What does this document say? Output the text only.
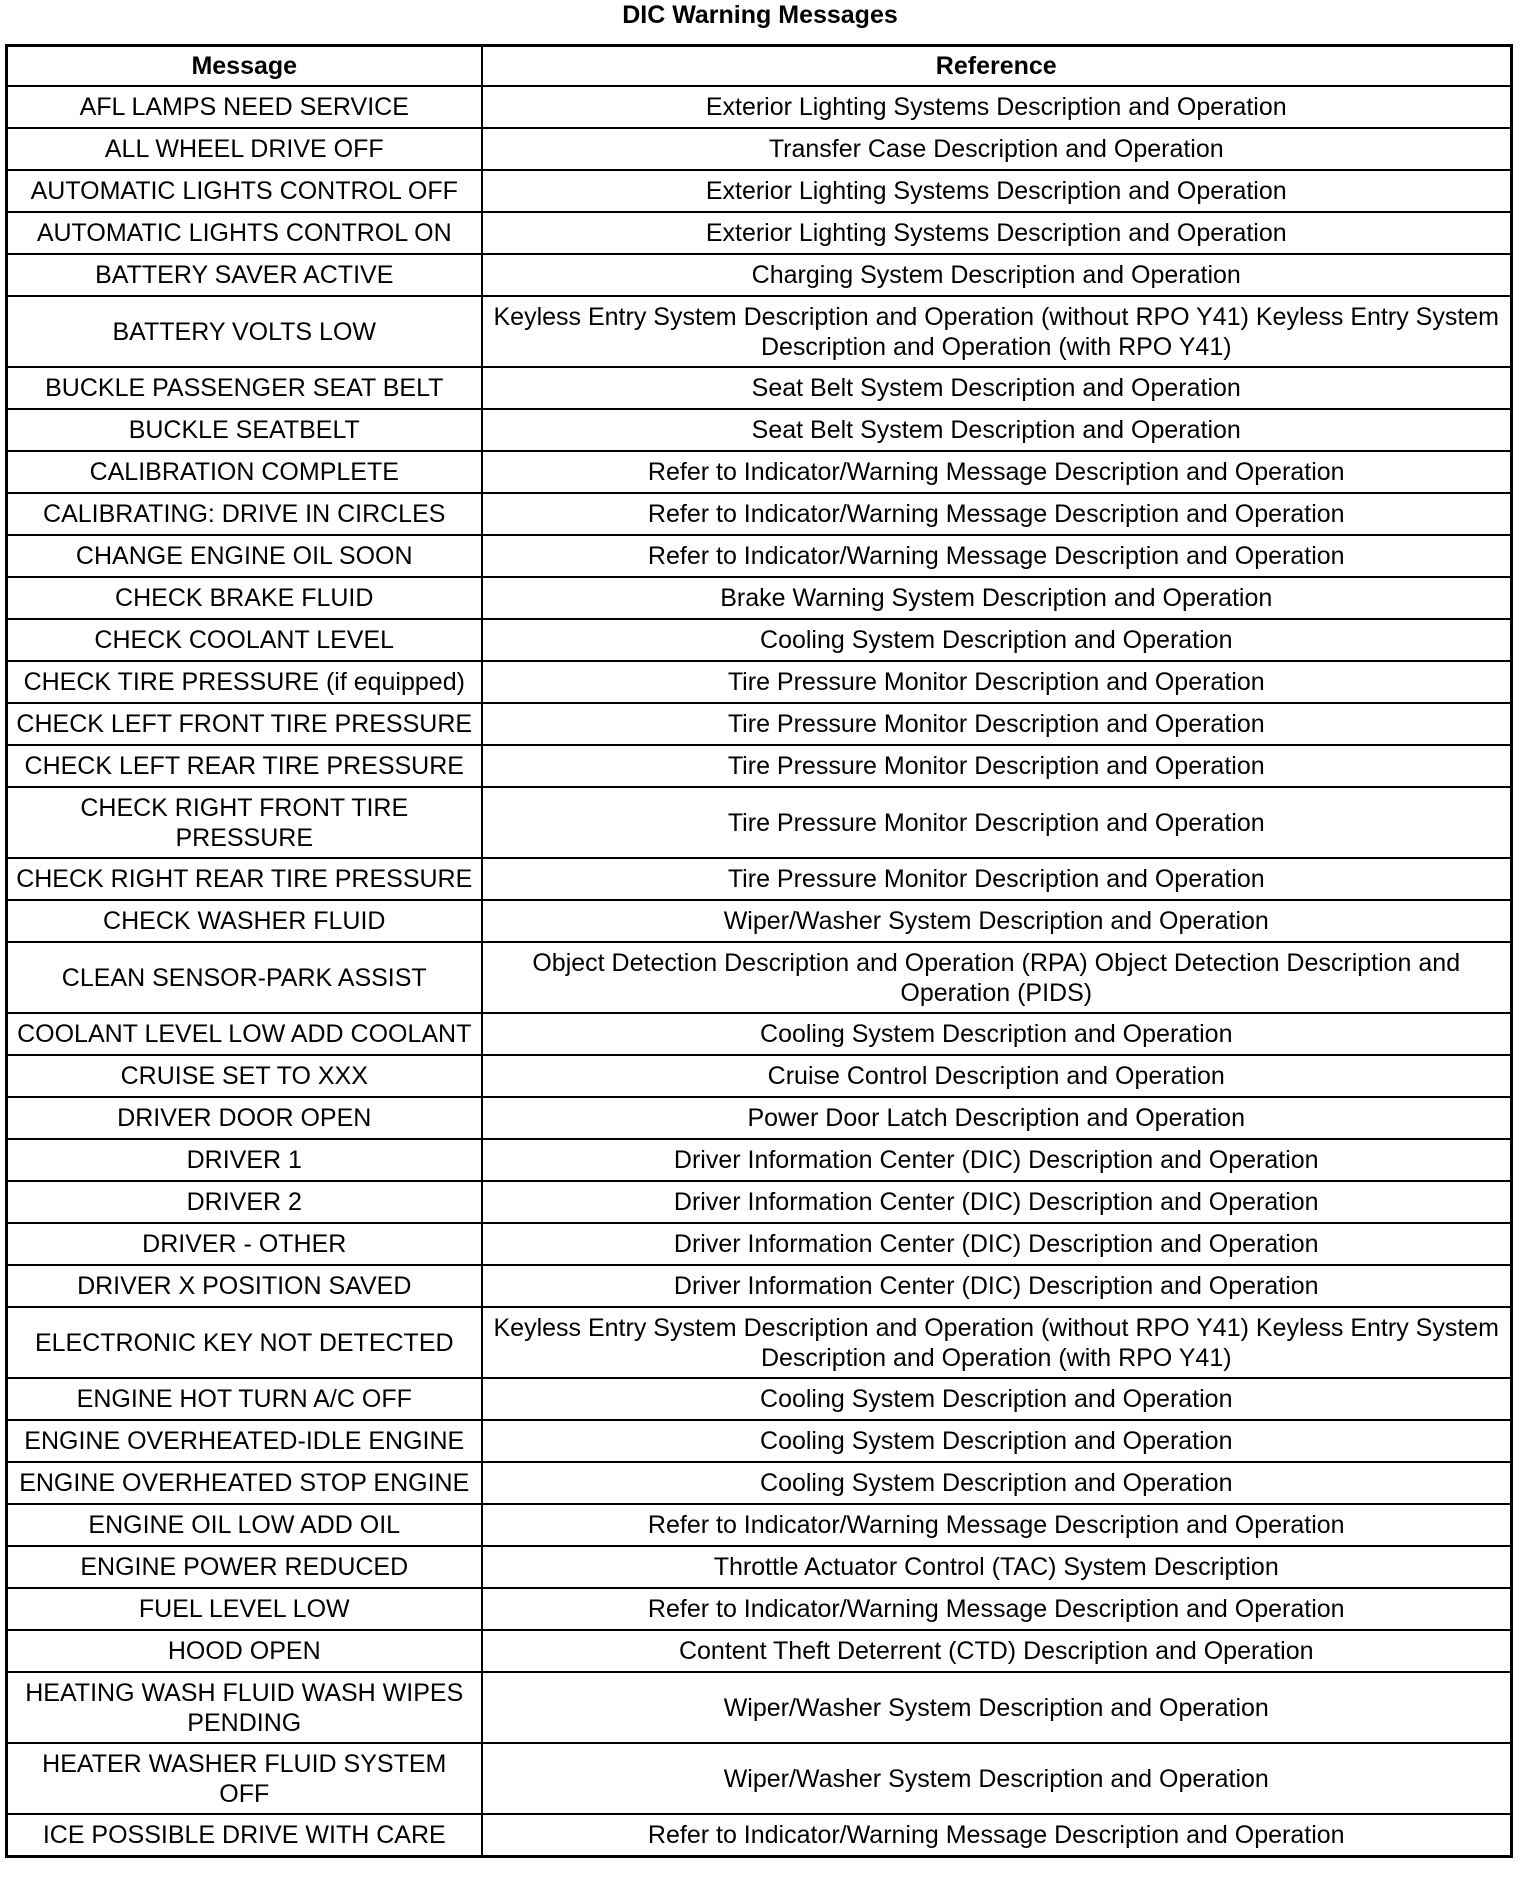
DIC Warning Messages
Message	Reference
AFL LAMPS NEED SERVICE	Exterior Lighting Systems Description and Operation
ALL WHEEL DRIVE OFF	Transfer Case Description and Operation
AUTOMATIC LIGHTS CONTROL OFF	Exterior Lighting Systems Description and Operation
AUTOMATIC LIGHTS CONTROL ON	Exterior Lighting Systems Description and Operation
BATTERY SAVER ACTIVE	Charging System Description and Operation
BATTERY VOLTS LOW	Keyless Entry System Description and Operation (without RPO Y41) Keyless Entry System Description and Operation (with RPO Y41)
BUCKLE PASSENGER SEAT BELT	Seat Belt System Description and Operation
BUCKLE SEATBELT	Seat Belt System Description and Operation
CALIBRATION COMPLETE	Refer to Indicator/Warning Message Description and Operation
CALIBRATING: DRIVE IN CIRCLES	Refer to Indicator/Warning Message Description and Operation
CHANGE ENGINE OIL SOON	Refer to Indicator/Warning Message Description and Operation
CHECK BRAKE FLUID	Brake Warning System Description and Operation
CHECK COOLANT LEVEL	Cooling System Description and Operation
CHECK TIRE PRESSURE (if equipped)	Tire Pressure Monitor Description and Operation
CHECK LEFT FRONT TIRE PRESSURE	Tire Pressure Monitor Description and Operation
CHECK LEFT REAR TIRE PRESSURE	Tire Pressure Monitor Description and Operation
CHECK RIGHT FRONT TIRE PRESSURE	Tire Pressure Monitor Description and Operation
CHECK RIGHT REAR TIRE PRESSURE	Tire Pressure Monitor Description and Operation
CHECK WASHER FLUID	Wiper/Washer System Description and Operation
CLEAN SENSOR-PARK ASSIST	Object Detection Description and Operation (RPA) Object Detection Description and Operation (PIDS)
COOLANT LEVEL LOW ADD COOLANT	Cooling System Description and Operation
CRUISE SET TO XXX	Cruise Control Description and Operation
DRIVER DOOR OPEN	Power Door Latch Description and Operation
DRIVER 1	Driver Information Center (DIC) Description and Operation
DRIVER 2	Driver Information Center (DIC) Description and Operation
DRIVER - OTHER	Driver Information Center (DIC) Description and Operation
DRIVER X POSITION SAVED	Driver Information Center (DIC) Description and Operation
ELECTRONIC KEY NOT DETECTED	Keyless Entry System Description and Operation (without RPO Y41) Keyless Entry System Description and Operation (with RPO Y41)
ENGINE HOT TURN A/C OFF	Cooling System Description and Operation
ENGINE OVERHEATED-IDLE ENGINE	Cooling System Description and Operation
ENGINE OVERHEATED STOP ENGINE	Cooling System Description and Operation
ENGINE OIL LOW ADD OIL	Refer to Indicator/Warning Message Description and Operation
ENGINE POWER REDUCED	Throttle Actuator Control (TAC) System Description
FUEL LEVEL LOW	Refer to Indicator/Warning Message Description and Operation
HOOD OPEN	Content Theft Deterrent (CTD) Description and Operation
HEATING WASH FLUID WASH WIPES PENDING	Wiper/Washer System Description and Operation
HEATER WASHER FLUID SYSTEM OFF	Wiper/Washer System Description and Operation
ICE POSSIBLE DRIVE WITH CARE	Refer to Indicator/Warning Message Description and Operation
